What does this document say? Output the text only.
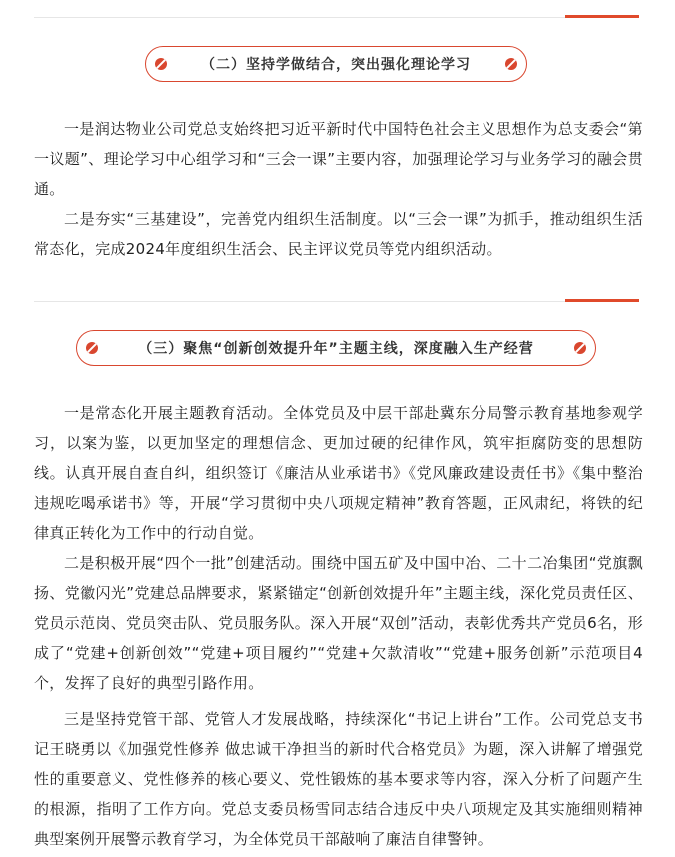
（二）坚持学做结合，突出强化理论学习

一是润达物业公司党总支始终把习近平新时代中国特色社会主义思想作为总支委会“第一议题”、理论学习中心组学习和“三会一课”主要内容，加强理论学习与业务学习的融会贯通。

二是夯实“三基建设”，完善党内组织生活制度。以“三会一课”为抓手，推动组织生活常态化，完成2024年度组织生活会、民主评议党员等党内组织活动。

（三）聚焦“创新创效提升年”主题主线，深度融入生产经营

一是常态化开展主题教育活动。全体党员及中层干部赴冀东分局警示教育基地参观学习，以案为鉴，以更加坚定的理想信念、更加过硬的纪律作风，筑牢拒腐防变的思想防线。认真开展自查自纠，组织签订《廉洁从业承诺书》《党风廉政建设责任书》《集中整治违规吃喝承诺书》等，开展“学习贯彻中央八项规定精神”教育答题，正风肃纪，将铁的纪律真正转化为工作中的行动自觉。

二是积极开展“四个一批”创建活动。围绕中国五矿及中国中冶、二十二冶集团“党旗飘扬、党徽闪光”党建总品牌要求，紧紧锚定“创新创效提升年”主题主线，深化党员责任区、党员示范岗、党员突击队、党员服务队。深入开展“双创”活动，表彰优秀共产党员6名，形成了“党建+创新创效”“党建+项目履约”“党建+欠款清收”“党建+服务创新”示范项目4个，发挥了良好的典型引路作用。

三是坚持党管干部、党管人才发展战略，持续深化“书记上讲台”工作。公司党总支书记王晓勇以《加强党性修养 做忠诚干净担当的新时代合格党员》为题，深入讲解了增强党性的重要意义、党性修养的核心要义、党性锻炼的基本要求等内容，深入分析了问题产生的根源，指明了工作方向。党总支委员杨雪同志结合违反中央八项规定及其实施细则精神典型案例开展警示教育学习，为全体党员干部敲响了廉洁自律警钟。
